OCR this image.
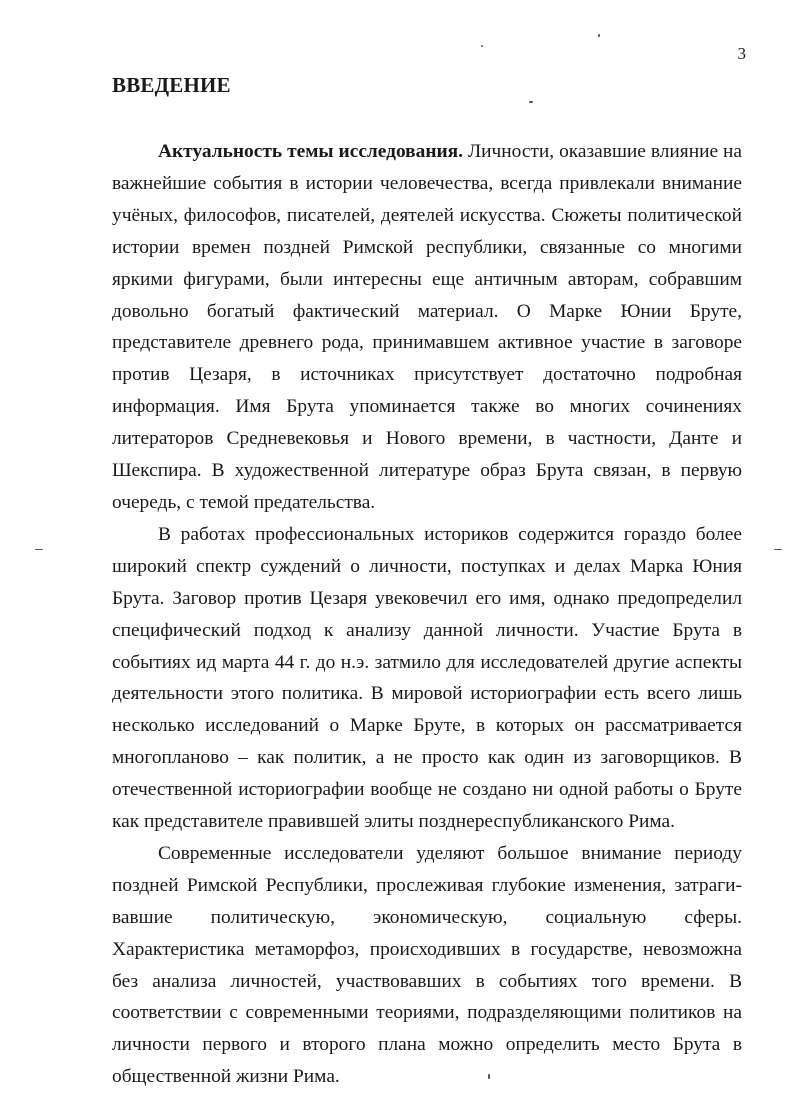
3
ВВЕДЕНИЕ

Актуальность темы исследования. Личности, оказавшие влияние на важнейшие события в истории человечества, всегда привлекали внимание учёных, философов, писателей, деятелей искусства. Сюжеты политической истории времен поздней Римской республики, связанные со многими яркими фигурами, были интересны еще античным авторам, собравшим довольно богатый фактический материал. О Марке Юнии Бруте, представителе древнего рода, принимавшем активное участие в заговоре против Цезаря, в источниках присутствует достаточно подробная информация. Имя Брута упоминается также во многих сочинениях литераторов Средневековья и Нового времени, в частности, Данте и Шекспира. В художественной литературе образ Брута связан, в первую очередь, с темой предательства.

В работах профессиональных историков содержится гораздо более широкий спектр суждений о личности, поступках и делах Марка Юния Брута. Заговор против Цезаря увековечил его имя, однако предопределил специфический подход к анализу данной личности. Участие Брута в событиях ид марта 44 г. до н.э. затмило для исследователей другие аспекты деятельности этого политика. В мировой историографии есть всего лишь несколько исследований о Марке Бруте, в которых он рассматривается многопланово – как политик, а не просто как один из заговорщиков. В отечественной историографии вообще не создано ни одной работы о Бруте как представителе правившей элиты позднереспубликанского Рима.

Современные исследователи уделяют большое внимание периоду поздней Римской Республики, прослеживая глубокие изменения, затрагивавшие политическую, экономическую, социальную сферы. Характеристика метаморфоз, происходивших в государстве, невозможна без анализа личностей, участвовавших в событиях того времени. В соответствии с современными теориями, подразделяющими политиков на личности первого и второго плана можно определить место Брута в общественной жизни Рима.
